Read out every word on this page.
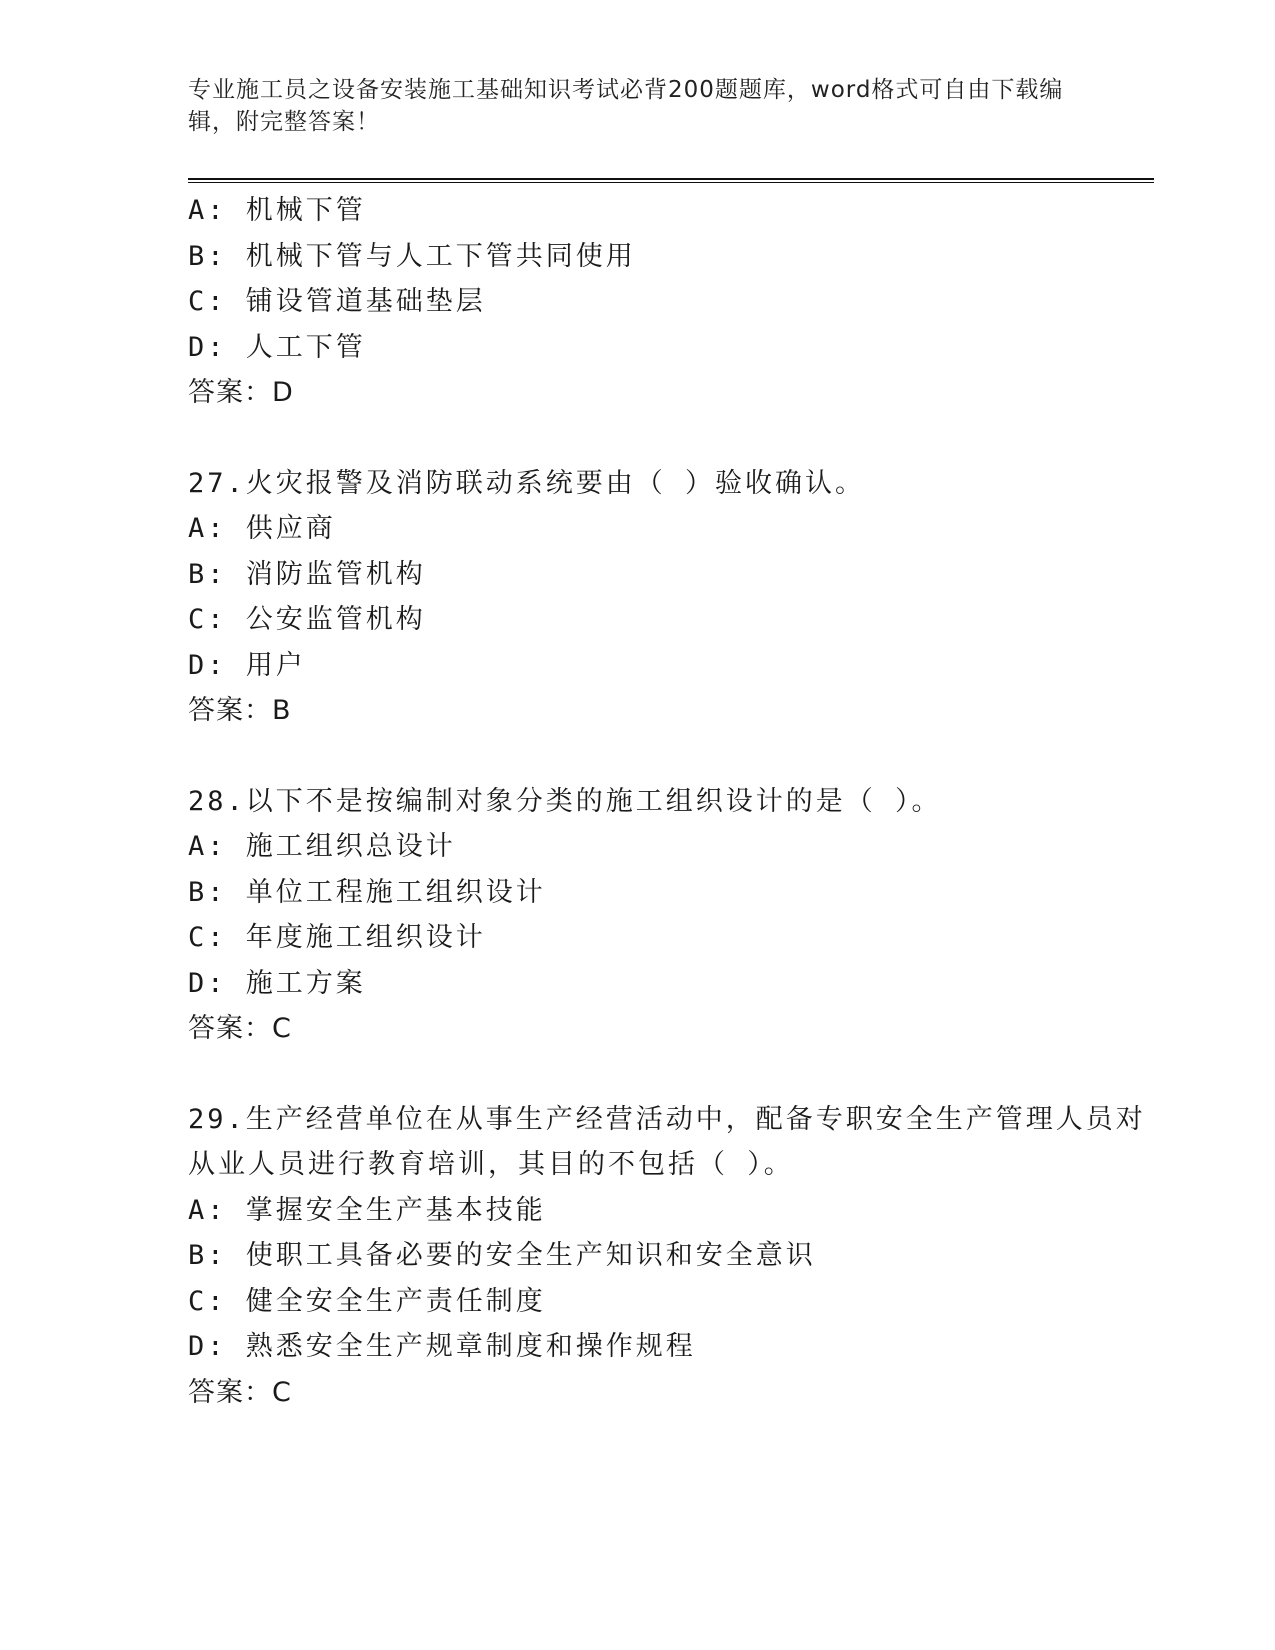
专业施工员之设备安装施工基础知识考试必背200题题库，word格式可自由下载编辑，附完整答案！
A: 机械下管
B: 机械下管与人工下管共同使用
C: 铺设管道基础垫层
D: 人工下管
答案：D
27.火灾报警及消防联动系统要由（ ）验收确认。
A: 供应商
B: 消防监管机构
C: 公安监管机构
D: 用户
答案：B
28.以下不是按编制对象分类的施工组织设计的是（ ）。
A: 施工组织总设计
B: 单位工程施工组织设计
C: 年度施工组织设计
D: 施工方案
答案：C
29.生产经营单位在从事生产经营活动中，配备专职安全生产管理人员对从业人员进行教育培训，其目的不包括（ ）。
A: 掌握安全生产基本技能
B: 使职工具备必要的安全生产知识和安全意识
C: 健全安全生产责任制度
D: 熟悉安全生产规章制度和操作规程
答案：C
